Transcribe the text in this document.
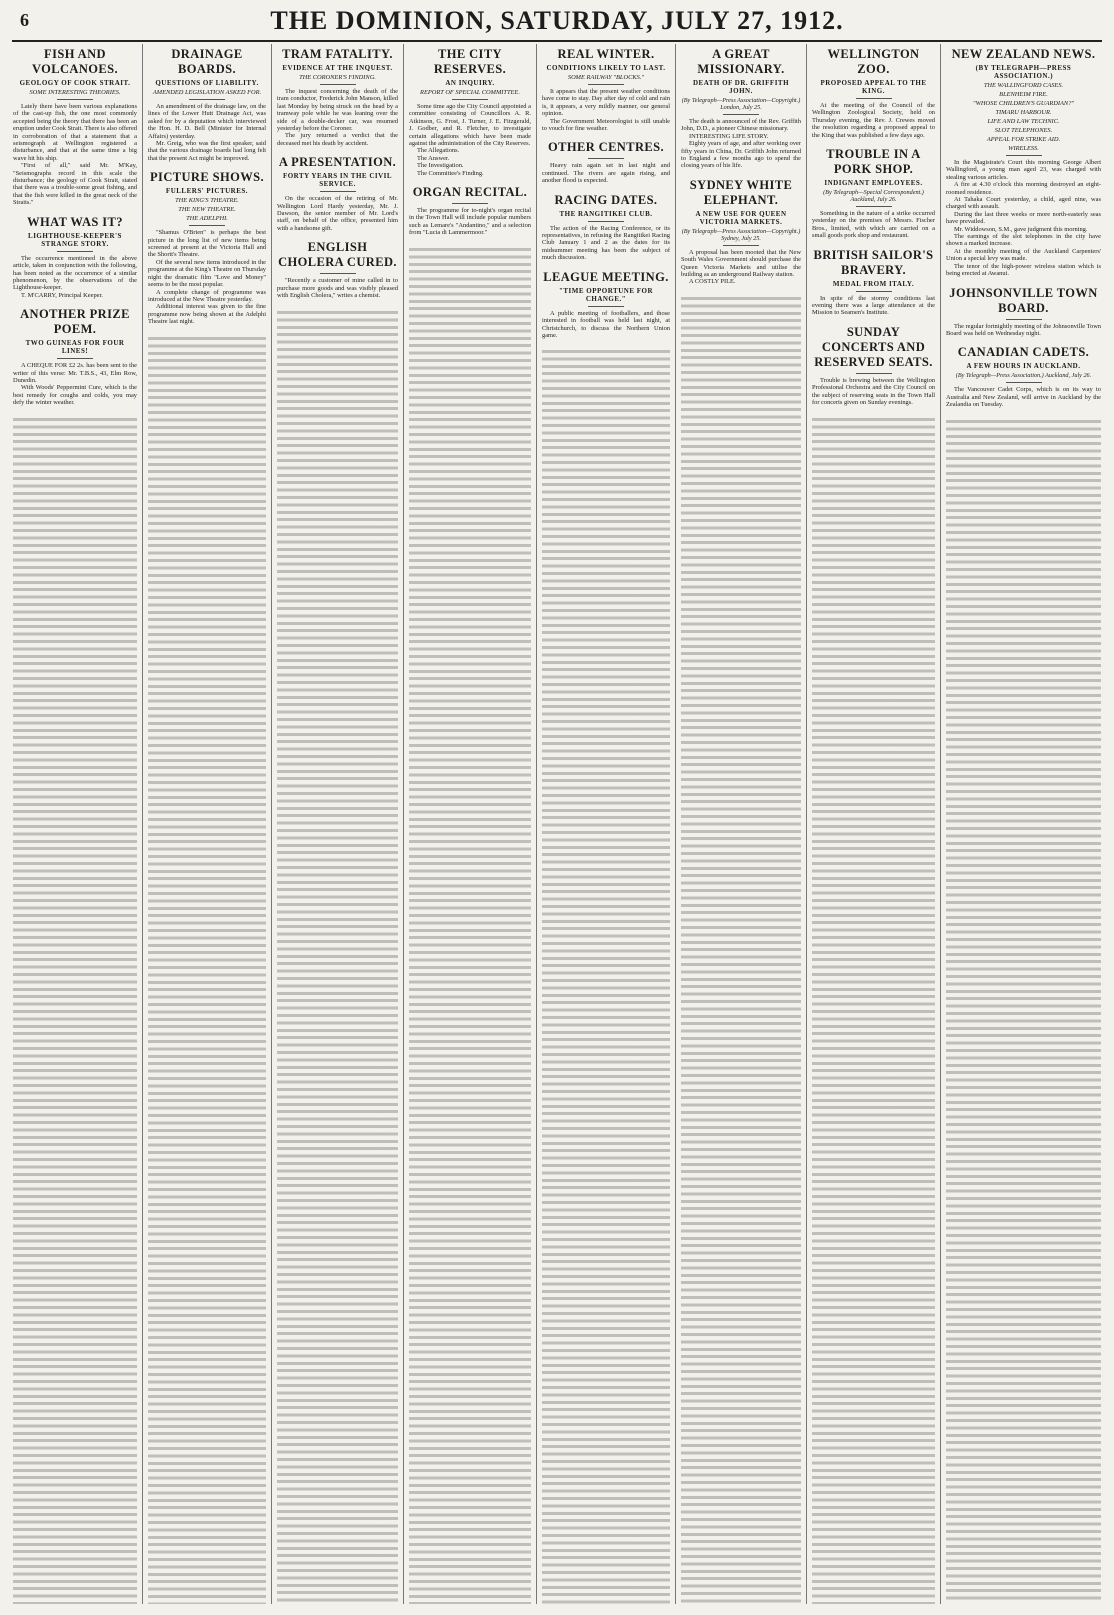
6	THE DOMINION, SATURDAY, JULY 27, 1912.
FISH AND VOLCANOES.
GEOLOGY OF COOK STRAIT.
SOME INTERESTING THEORIES.

Lately there have been various explanations of the cast-up fish, the one most commonly accepted being the theory that there has been an eruption under Cook Strait. There is also offered in corroboration of that a statement that a seismograph at Wellington registered a disturbance, and that at the same time a big wave hit his ship.

"First of all," said Mr. M'Kay, "Seismographs record in this scale the disturbance; the geology of Cook Strait, stated that there was a trouble-some great fishing, and that the fish were killed in the great neck of the Straits."

WHAT WAS IT?
LIGHTHOUSE-KEEPER'S STRANGE STORY.

The occurrence mentioned in the above article, taken in conjunction with the following, has been noted as the occurrence of a similar phenomenon, by the observations of the Lighthouse-keeper.

T. M'CARRY, Principal Keeper.

ANOTHER PRIZE POEM.
TWO GUINEAS FOR FOUR LINES!

A CHEQUE FOR £2 2s. has been sent to the writer of this verse: Mr. T.B.S., 43, Elm Row, Dunedin.

With Woods' Peppermint Cure, which is the best remedy for coughs and colds, you may defy the winter weather.

DRAINAGE BOARDS.
QUESTIONS OF LIABILITY.
AMENDED LEGISLATION ASKED FOR.

An amendment of the drainage law, on the lines of the Lower Hutt Drainage Act, was asked for by a deputation which interviewed the Hon. H. D. Bell (Minister for Internal Affairs) yesterday.

Mr. Greig, who was the first speaker, said that the various drainage boards had long felt that the present Act might be improved.

PICTURE SHOWS.
FULLERS' PICTURES.
THE KING'S THEATRE.
THE NEW THEATRE.
THE ADELPHI.

"Shamus O'Brien" is perhaps the best picture in the long list of new items being screened at present at the Victoria Hall and the Shortt's Theatre.

Of the several new items introduced in the programme at the King's Theatre on Thursday night the dramatic film "Love and Money" seems to be the most popular.

A complete change of programme was introduced at the New Theatre yesterday.

Additional interest was given to the fine programme now being shown at the Adelphi Theatre last night.

TRAM FATALITY.
EVIDENCE AT THE INQUEST.
THE CORONER'S FINDING.

The inquest concerning the death of the tram conductor, Frederick John Manson, killed last Monday by being struck on the head by a tramway pole while he was leaning over the side of a double-decker car, was resumed yesterday before the Coroner.

The jury returned a verdict that the deceased met his death by accident.

A PRESENTATION.
FORTY YEARS IN THE CIVIL SERVICE.

On the occasion of the retiring of Mr. Wellington Lord Hardy yesterday, Mr. J. Dawson, the senior member of Mr. Lord's staff, on behalf of the office, presented him with a handsome gift.

ENGLISH CHOLERA CURED.

"Recently a customer of mine called in to purchase more goods and was visibly pleased with English Cholera," writes a chemist.

THE CITY RESERVES.
AN INQUIRY.
REPORT OF SPECIAL COMMITTEE.

Some time ago the City Council appointed a committee consisting of Councillors A. R. Atkinson, G. Frost, J. Turner, J. E. Fitzgerald, J. Godber, and R. Fletcher, to investigate certain allegations which have been made against the administration of the City Reserves.

The Allegations.

The Answer.

The Investigation.

The Committee's Finding.

ORGAN RECITAL.

The programme for to-night's organ recital in the Town Hall will include popular numbers such as Lemare's "Andantino," and a selection from "Lucia di Lammermoor."

REAL WINTER.
CONDITIONS LIKELY TO LAST.
SOME RAILWAY "BLOCKS."

It appears that the present weather conditions have come to stay. Day after day of cold and rain is, it appears, a very mildly manner, our general opinion.

The Government Meteorologist is still unable to vouch for fine weather.

OTHER CENTRES.

Heavy rain again set in last night and continued. The rivers are again rising, and another flood is expected.

RACING DATES.
THE RANGITIKEI CLUB.

The action of the Racing Conference, or its representatives, in refusing the Rangitikei Racing Club January 1 and 2 as the dates for its midsummer meeting has been the subject of much discussion.

LEAGUE MEETING.
"TIME OPPORTUNE FOR CHANGE."

A public meeting of footballers, and those interested in football was held last night, at Christchurch, to discuss the Northern Union game.

A GREAT MISSIONARY.
DEATH OF DR. GRIFFITH JOHN.
(By Telegraph—Press Association—Copyright.) London, July 25.

The death is announced of the Rev. Griffith John, D.D., a pioneer Chinese missionary.

INTERESTING LIFE STORY.

Eighty years of age, and after working over fifty years in China, Dr. Griffith John returned to England a few months ago to spend the closing years of his life.

SYDNEY WHITE ELEPHANT.
A NEW USE FOR QUEEN VICTORIA MARKETS.
(By Telegraph—Press Association—Copyright.) Sydney, July 25.

A proposal has been mooted that the New South Wales Government should purchase the Queen Victoria Markets and utilise the building as an underground Railway station.

A COSTLY PILE.

WELLINGTON ZOO.
PROPOSED APPEAL TO THE KING.

At the meeting of the Council of the Wellington Zoological Society, held on Thursday evening, the Rev. J. Crewes moved the resolution regarding a proposed appeal to the King that was published a few days ago.

TROUBLE IN A PORK SHOP.
INDIGNANT EMPLOYEES.
(By Telegraph—Special Correspondent.) Auckland, July 26.

Something in the nature of a strike occurred yesterday on the premises of Messrs. Fischer Bros., limited, with which are carried on a small goods pork shop and restaurant.

BRITISH SAILOR'S BRAVERY.
MEDAL FROM ITALY.

In spite of the stormy conditions last evening there was a large attendance at the Mission to Seamen's Institute.

SUNDAY CONCERTS AND RESERVED SEATS.

Trouble is brewing between the Wellington Professional Orchestra and the City Council on the subject of reserving seats in the Town Hall for concerts given on Sunday evenings.

NEW ZEALAND NEWS.
(BY TELEGRAPH—PRESS ASSOCIATION.)
THE WALLINGFORD CASES.
BLENHEIM FIRE.
"WHOSE CHILDREN'S GUARDIAN?"
TIMARU HARBOUR.
LIFE AND LAW TECHNIC.
SLOT TELEPHONES.
APPEAL FOR STRIKE AID.
WIRELESS.

In the Magistrate's Court this morning George Albert Wallingford, a young man aged 23, was charged with stealing various articles.

A fire at 4.30 o'clock this morning destroyed an eight-roomed residence.

At Tahaka Court yesterday, a child, aged nine, was charged with assault.

During the last three weeks or more north-easterly seas have prevailed.

Mr. Widdowson, S.M., gave judgment this morning.

The earnings of the slot telephones in the city have shown a marked increase.

At the monthly meeting of the Auckland Carpenters' Union a special levy was made.

The tenor of the high-power wireless station which is being erected at Awanui.

JOHNSONVILLE TOWN BOARD.

The regular fortnightly meeting of the Johnsonville Town Board was held on Wednesday night.

CANADIAN CADETS.
A FEW HOURS IN AUCKLAND.
(By Telegraph—Press Association.) Auckland, July 26.

The Vancouver Cadet Corps, which is on its way to Australia and New Zealand, will arrive in Auckland by the Zealandia on Tuesday.
